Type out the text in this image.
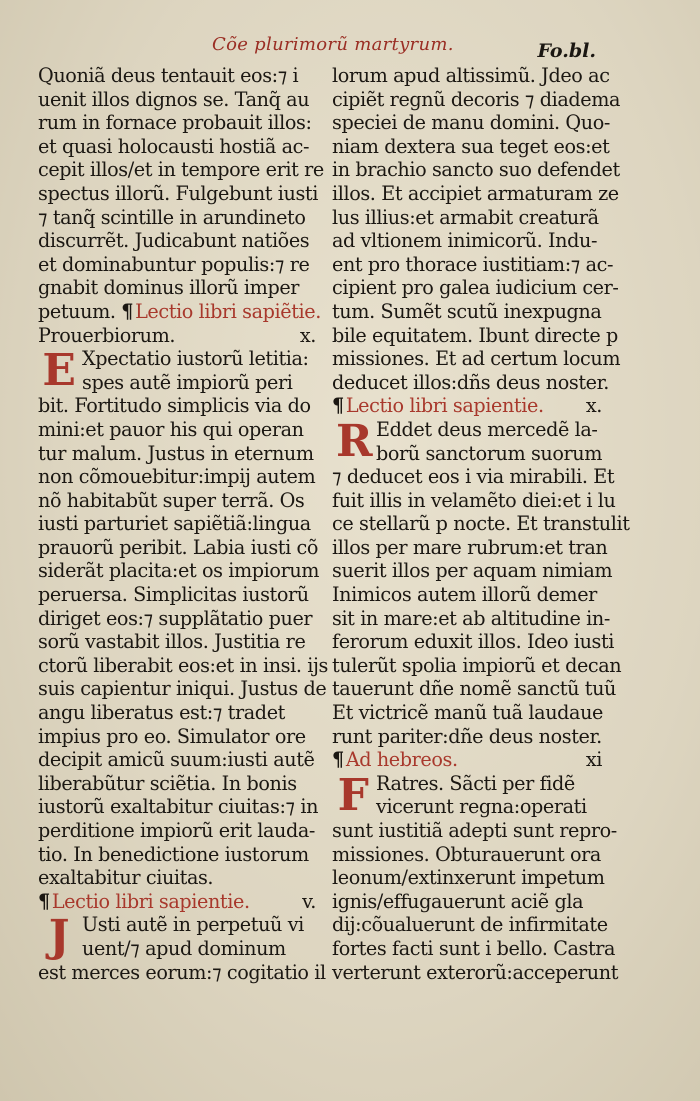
Cõe plurimorũ martyrum.	Fo.bl.
Quoniã deus tentauit eos:⁊ i
uenit illos dignos se. Tanq̃ au
rum in fornace probauit illos:
et quasi holocausti hostiã ac-
cepit illos/et in tempore erit re
spectus illorũ. Fulgebunt iusti
⁊ tanq̃ scintille in arundineto
discurrẽt. Judicabunt natiões
et dominabuntur populis:⁊ re
gnabit dominus illorũ imper
petuum. ¶ Lectio libri sapiẽtie.
Prouerbiorum.	x.
E Xpectatio iustorũ letitia:
spes autẽ impiorũ peri
bit. Fortitudo simplicis via do
mini:et pauor his qui operan
tur malum. Justus in eternum
non cõmouebitur:impij autem
nõ habitabũt super terrã. Os
iusti parturiet sapiẽtiã:lingua
prauorũ peribit. Labia iusti cõ
siderãt placita:et os impiorum
peruersa. Simplicitas iustorũ
diriget eos:⁊ supplãtatio puer
sorũ vastabit illos. Justitia re
ctorũ liberabit eos:et in insi. ijs
suis capientur iniqui. Justus de
angu liberatus est:⁊ tradet
impius pro eo. Simulator ore
decipit amicũ suum:iusti autẽ
liberabũtur sciẽtia. In bonis
iustorũ exaltabitur ciuitas:⁊ in
perditione impiorũ erit lauda-
tio. In benedictione iustorum
exaltabitur ciuitas.
¶ Lectio libri sapientie.	v.
J Usti autẽ in perpetuũ vi
uent/⁊ apud dominum
est merces eorum:⁊ cogitatio il
lorum apud altissimũ. Jdeo ac
cipiẽt regnũ decoris ⁊ diadema
speciei de manu domini. Quo-
niam dextera sua teget eos:et
in brachio sancto suo defendet
illos. Et accipiet armaturam ze
lus illius:et armabit creaturã
ad vltionem inimicorũ. Indu-
ent pro thorace iustitiam:⁊ ac-
cipient pro galea iudicium cer-
tum. Sumẽt scutũ inexpugna
bile equitatem. Ibunt directe p
missiones. Et ad certum locum
deducet illos:dñs deus noster.
¶ Lectio libri sapientie. x.
R Eddet deus mercedẽ la-
borũ sanctorum suorum
⁊ deducet eos i via mirabili. Et
fuit illis in velamẽto diei:et i lu
ce stellarũ p nocte. Et transtulit
illos per mare rubrum:et tran
suerit illos per aquam nimiam
Inimicos autem illorũ demer
sit in mare:et ab altitudine in-
ferorum eduxit illos. Ideo iusti
tulerũt spolia impiorũ et decan
tauerunt dñe nomẽ sanctũ tuũ
Et victricẽ manũ tuã laudaue
runt pariter:dñe deus noster.
¶ Ad hebreos.	xi
F Ratres. Sãcti per fidẽ
vicerunt regna:operati
sunt iustitiã adepti sunt repro-
missiones. Obturauerunt ora
leonum/extinxerunt impetum
ignis/effugauerunt aciẽ gla
dij:cõualuerunt de infirmitate
fortes facti sunt i bello. Castra
verterunt exterorũ:acceperunt
